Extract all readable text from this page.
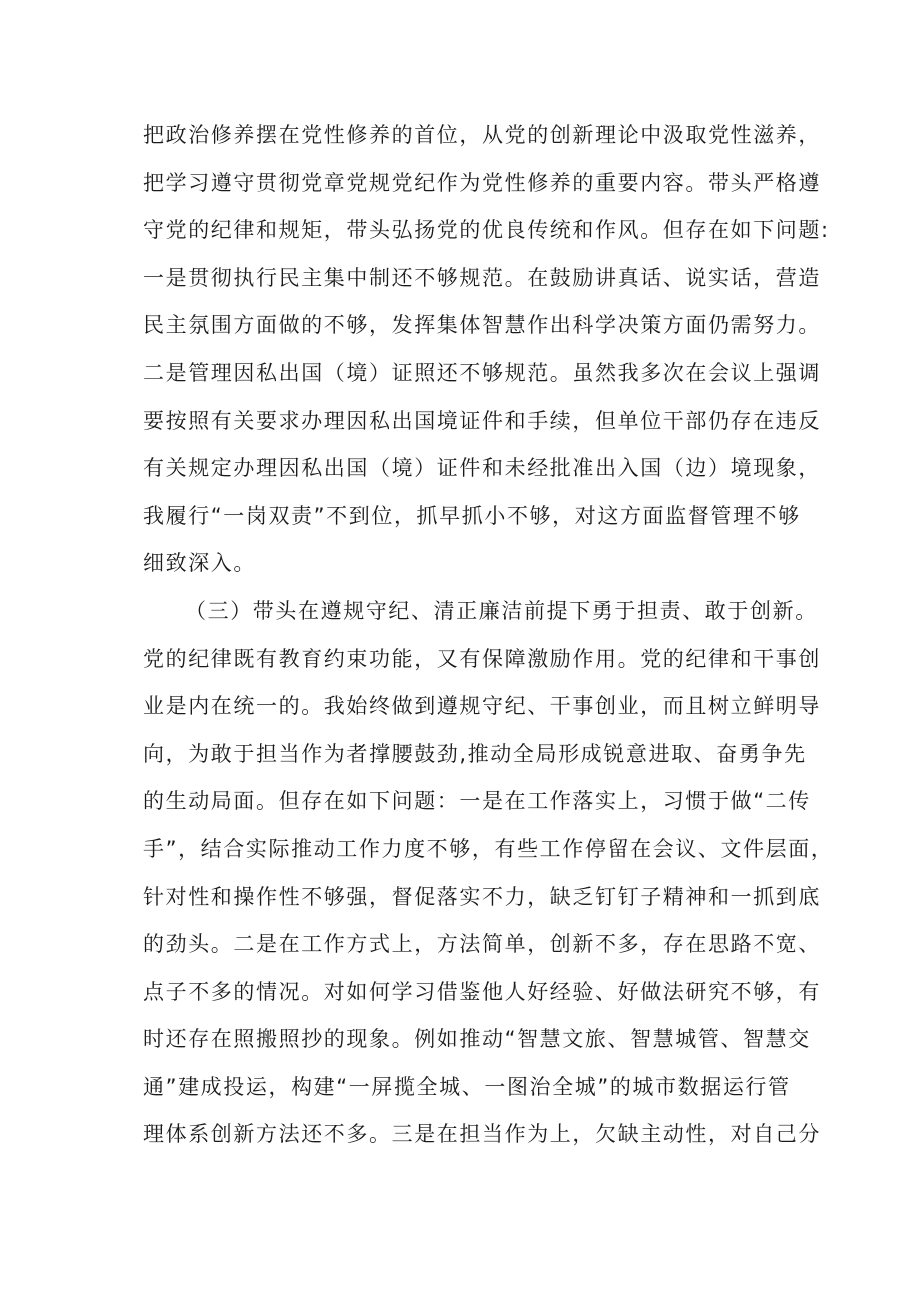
把政治修养摆在党性修养的首位，从党的创新理论中汲取党性滋养，
把学习遵守贯彻党章党规党纪作为党性修养的重要内容。带头严格遵
守党的纪律和规矩，带头弘扬党的优良传统和作风。但存在如下问题:
一是贯彻执行民主集中制还不够规范。在鼓励讲真话、说实话，营造
民主氛围方面做的不够，发挥集体智慧作出科学决策方面仍需努力。
二是管理因私出国（境）证照还不够规范。虽然我多次在会议上强调
要按照有关要求办理因私出国境证件和手续，但单位干部仍存在违反
有关规定办理因私出国（境）证件和未经批准出入国（边）境现象，
我履行“一岗双责”不到位，抓早抓小不够，对这方面监督管理不够
细致深入。
（三）带头在遵规守纪、清正廉洁前提下勇于担责、敢于创新。
党的纪律既有教育约束功能，又有保障激励作用。党的纪律和干事创
业是内在统一的。我始终做到遵规守纪、干事创业，而且树立鲜明导
向，为敢于担当作为者撑腰鼓劲,推动全局形成锐意进取、奋勇争先
的生动局面。但存在如下问题：一是在工作落实上，习惯于做“二传
手”，结合实际推动工作力度不够，有些工作停留在会议、文件层面，
针对性和操作性不够强，督促落实不力，缺乏钉钉子精神和一抓到底
的劲头。二是在工作方式上，方法简单，创新不多，存在思路不宽、
点子不多的情况。对如何学习借鉴他人好经验、好做法研究不够，有
时还存在照搬照抄的现象。例如推动“智慧文旅、智慧城管、智慧交
通”建成投运，构建“一屏揽全城、一图治全城”的城市数据运行管
理体系创新方法还不多。三是在担当作为上，欠缺主动性，对自己分
